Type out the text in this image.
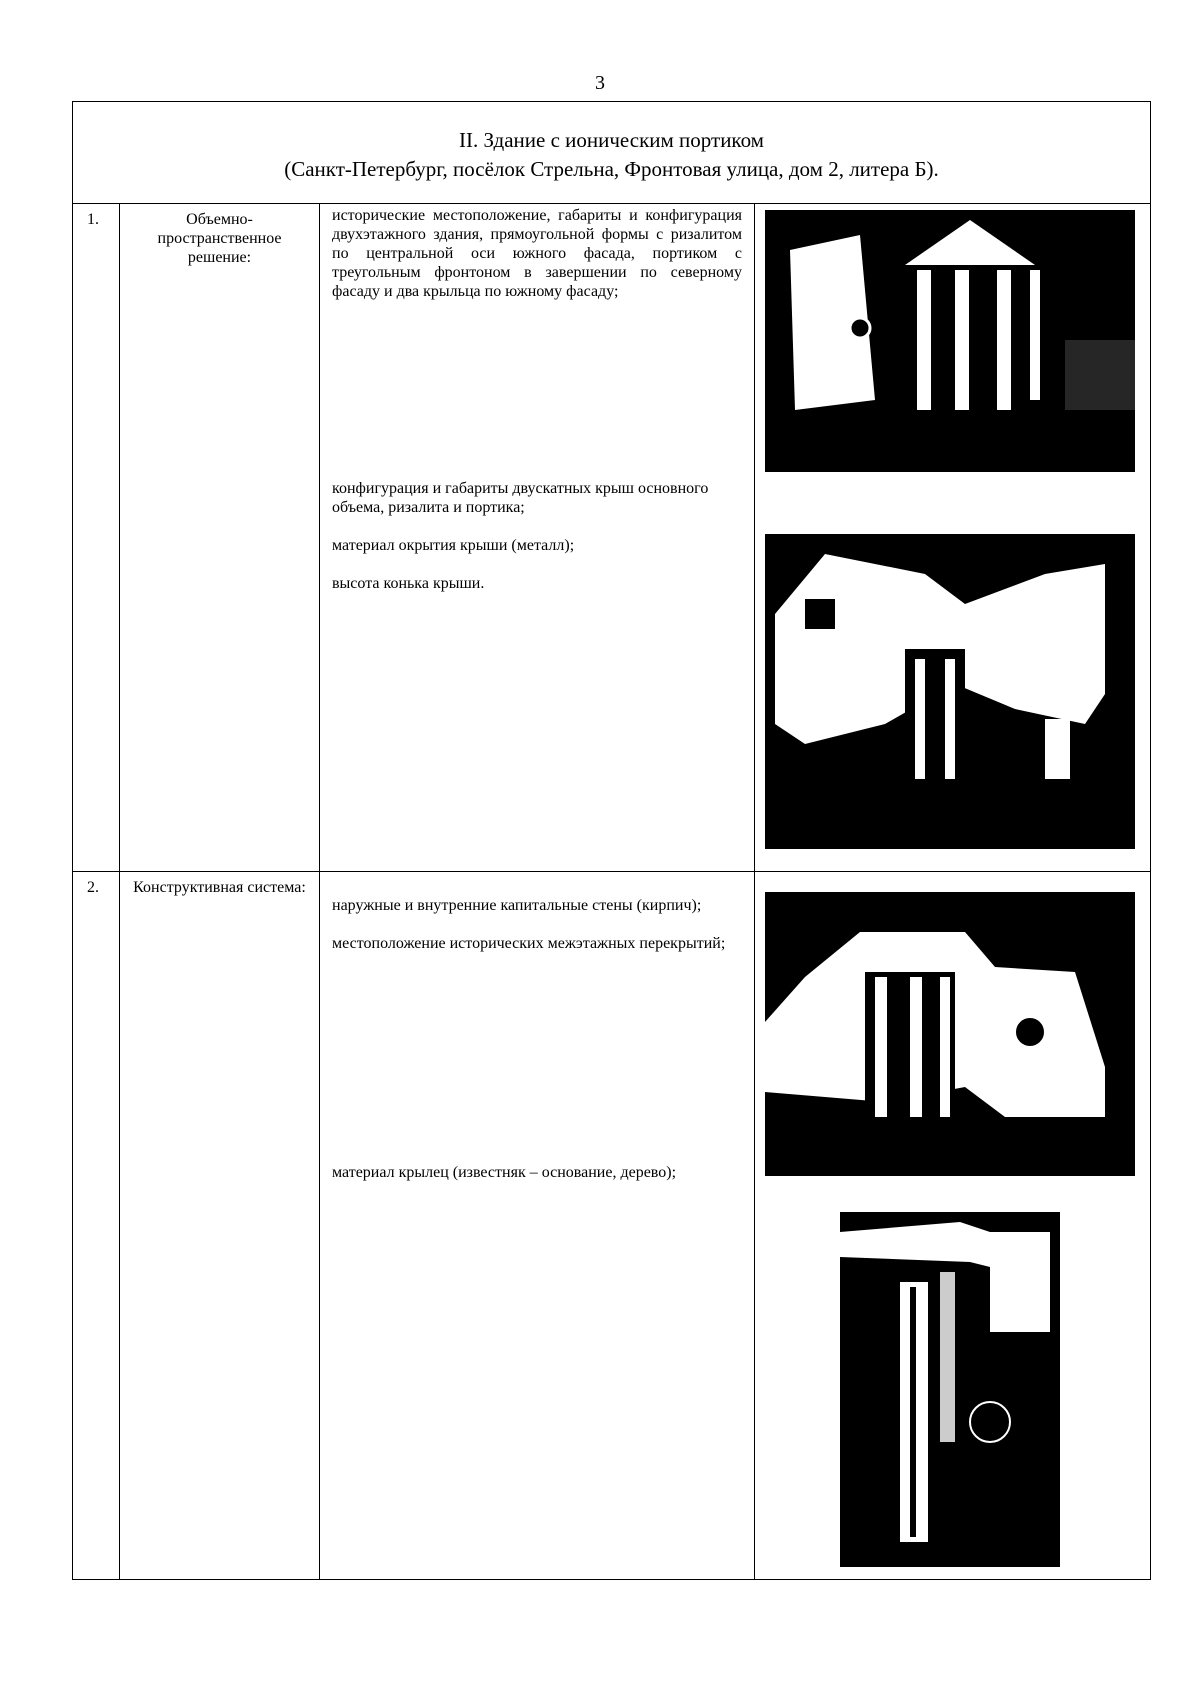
3
II. Здание с ионическим портиком
(Санкт-Петербург, посёлок Стрельна, Фронтовая улица, дом 2, литера Б).			

1.	Объемно-пространственное решение:	исторические местоположение, габариты и конфигурация двухэтажного здания, прямоугольной формы с ризалитом по центральной оси южного фасада, портиком с треугольным фронтоном в завершении по северному фасаду и два крыльца по южному фасаду;

конфигурация и габариты двускатных крыш основного объема, ризалита и портика;

материал окрытия крыши (металл);

высота конька крыши.

2.	Конструктивная система:	наружные и внутренние капитальные стены (кирпич);

местоположение исторических межэтажных перекрытий;

материал крылец (известняк – основание, дерево);
